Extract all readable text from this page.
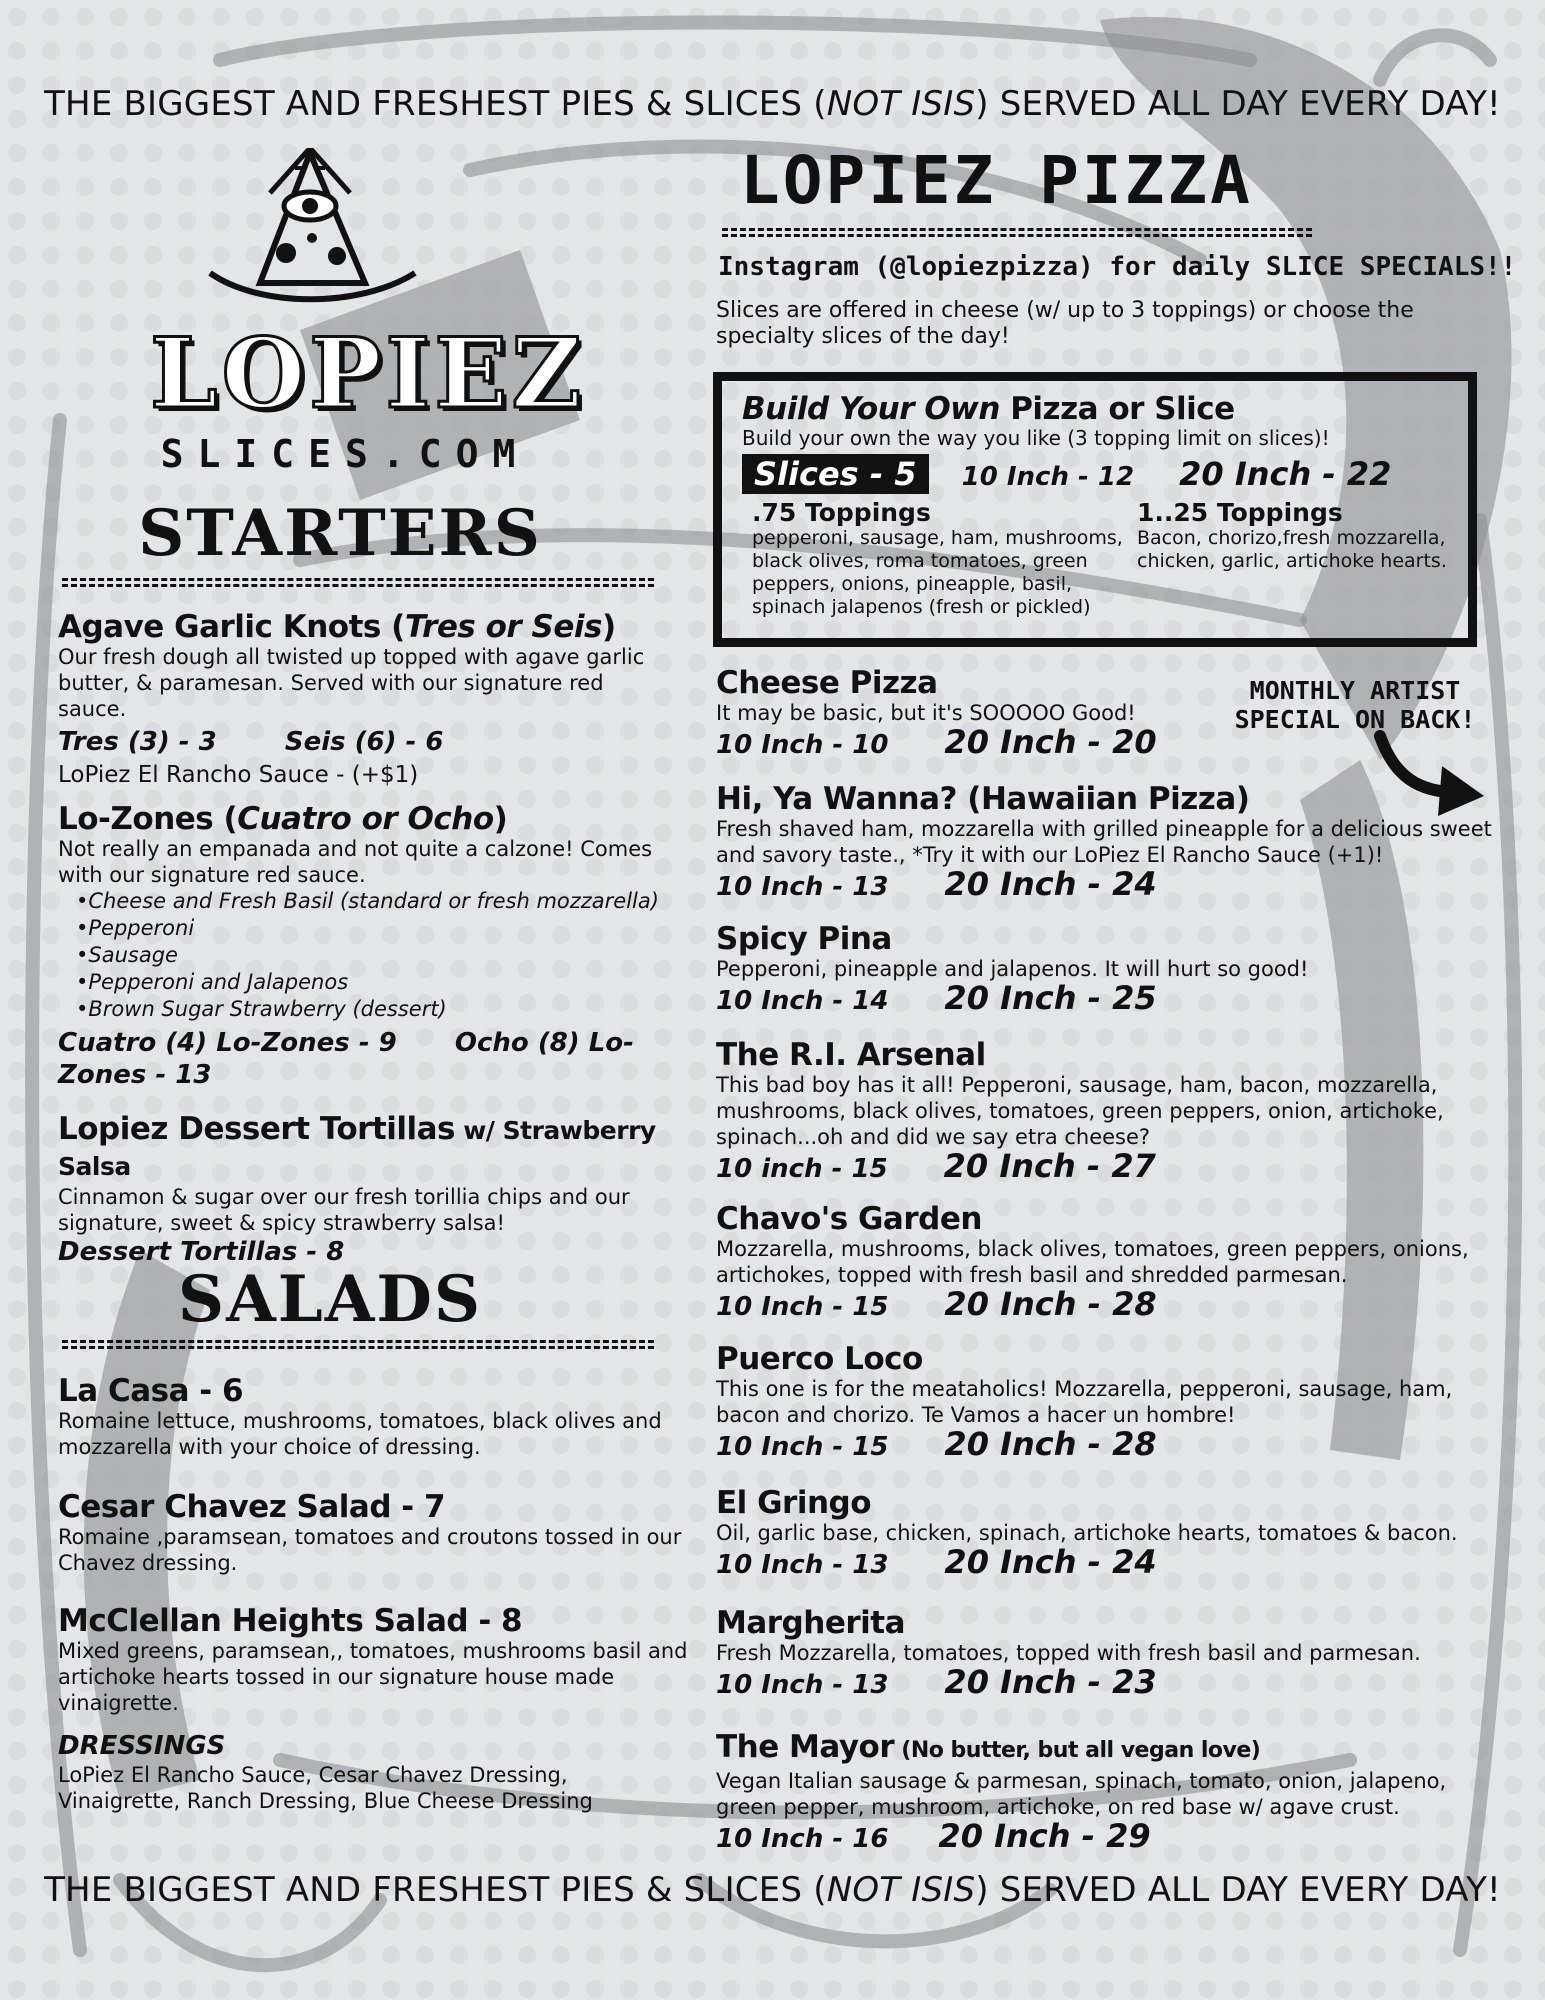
THE BIGGEST AND FRESHEST PIES & SLICES (NOT ISIS) SERVED ALL DAY EVERY DAY!
LOPIEZ
SLICES.COM
STARTERS
Agave Garlic Knots (Tres or Seis)
Our fresh dough all twisted up topped with agave garlic butter, & paramesan. Served with our signature red sauce.
Tres (3) - 3	Seis (6) - 6
LoPiez El Rancho Sauce - (+$1)
Lo-Zones (Cuatro or Ocho)
Not really an empanada and not quite a calzone! Comes with our signature red sauce.
•Cheese and Fresh Basil (standard or fresh mozzarella)
•Pepperoni
•Sausage
•Pepperoni and Jalapenos
•Brown Sugar Strawberry (dessert)
Cuatro (4) Lo-Zones - 9 Ocho (8) Lo-Zones - 13
Lopiez Dessert Tortillas w/ Strawberry Salsa
Cinnamon & sugar over our fresh torillia chips and our signature, sweet & spicy strawberry salsa!
Dessert Tortillas - 8
SALADS
La Casa - 6
Romaine lettuce, mushrooms, tomatoes, black olives and mozzarella with your choice of dressing.
Cesar Chavez Salad - 7
Romaine ,paramsean, tomatoes and croutons tossed in our Chavez dressing.
McClellan Heights Salad - 8
Mixed greens, paramsean,, tomatoes, mushrooms basil and artichoke hearts tossed in our signature house made vinaigrette.
DRESSINGS
LoPiez El Rancho Sauce, Cesar Chavez Dressing, Vinaigrette, Ranch Dressing, Blue Cheese Dressing
LOPIEZ PIZZA
Instagram (@lopiezpizza) for daily SLICE SPECIALS!!
Slices are offered in cheese (w/ up to 3 toppings) or choose the specialty slices of the day!
Build Your Own Pizza or Slice
Build your own the way you like (3 topping limit on slices)!
Slices - 5 10 Inch - 12 20 Inch - 22
.75 Toppings
pepperoni, sausage, ham, mushrooms, black olives, roma tomatoes, green peppers, onions, pineapple, basil, spinach jalapenos (fresh or pickled)
1..25 Toppings
Bacon, chorizo,fresh mozzarella, chicken, garlic, artichoke hearts.
MONTHLY ARTIST SPECIAL ON BACK!
Cheese Pizza
It may be basic, but it's SOOOOO Good!
10 Inch - 10 20 Inch - 20
Hi, Ya Wanna? (Hawaiian Pizza)
Fresh shaved ham, mozzarella with grilled pineapple for a delicious sweet and savory taste., *Try it with our LoPiez El Rancho Sauce (+1)!
10 Inch - 13 20 Inch - 24
Spicy Pina
Pepperoni, pineapple and jalapenos. It will hurt so good!
10 Inch - 14 20 Inch - 25
The R.I. Arsenal
This bad boy has it all! Pepperoni, sausage, ham, bacon, mozzarella, mushrooms, black olives, tomatoes, green peppers, onion, artichoke, spinach...oh and did we say etra cheese?
10 inch - 15 20 Inch - 27
Chavo's Garden
Mozzarella, mushrooms, black olives, tomatoes, green peppers, onions, artichokes, topped with fresh basil and shredded parmesan.
10 Inch - 15 20 Inch - 28
Puerco Loco
This one is for the meataholics! Mozzarella, pepperoni, sausage, ham, bacon and chorizo. Te Vamos a hacer un hombre!
10 Inch - 15 20 Inch - 28
El Gringo
Oil, garlic base, chicken, spinach, artichoke hearts, tomatoes & bacon.
10 Inch - 13 20 Inch - 24
Margherita
Fresh Mozzarella, tomatoes, topped with fresh basil and parmesan.
10 Inch - 13 20 Inch - 23
The Mayor (No butter, but all vegan love)
Vegan Italian sausage & parmesan, spinach, tomato, onion, jalapeno, green pepper, mushroom, artichoke, on red base w/ agave crust.
10 Inch - 16 20 Inch - 29
THE BIGGEST AND FRESHEST PIES & SLICES (NOT ISIS) SERVED ALL DAY EVERY DAY!
